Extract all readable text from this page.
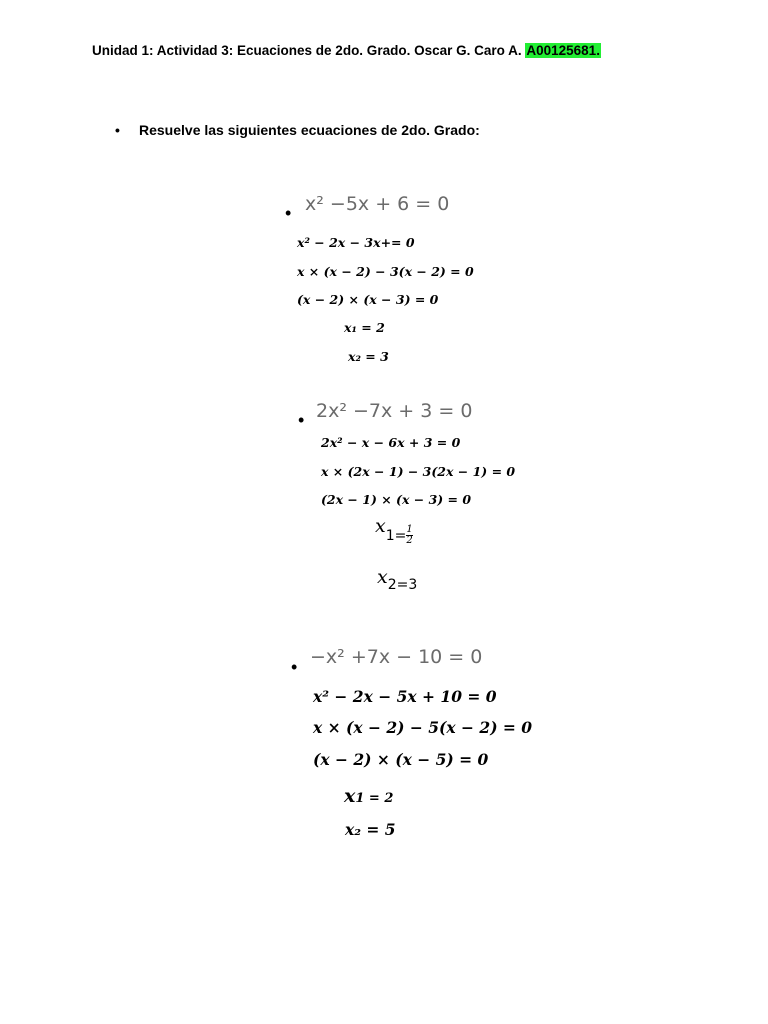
Unidad 1: Actividad 3: Ecuaciones de 2do. Grado. Oscar G. Caro A. A00125681.
• Resuelve las siguientes ecuaciones de 2do. Grado:
• x² −5x + 6 = 0
x² − 2x − 3x+= 0
x × (x − 2) − 3(x − 2) = 0
(x − 2) × (x − 3) = 0
x₁ = 2
x₂ = 3
• 2x² −7x + 3 = 0
2x² − x − 6x + 3 = 0
x × (2x − 1) − 3(2x − 1) = 0
(2x − 1) × (x − 3) = 0
$x_{1=} \frac{1}{2}$
$x_{2=3}$
• −x² +7x − 10 = 0
x² − 2x − 5x + 10 = 0
x × (x − 2) − 5(x − 2) = 0
(x − 2) × (x − 5) = 0
x1 = 2
x₂ = 5
